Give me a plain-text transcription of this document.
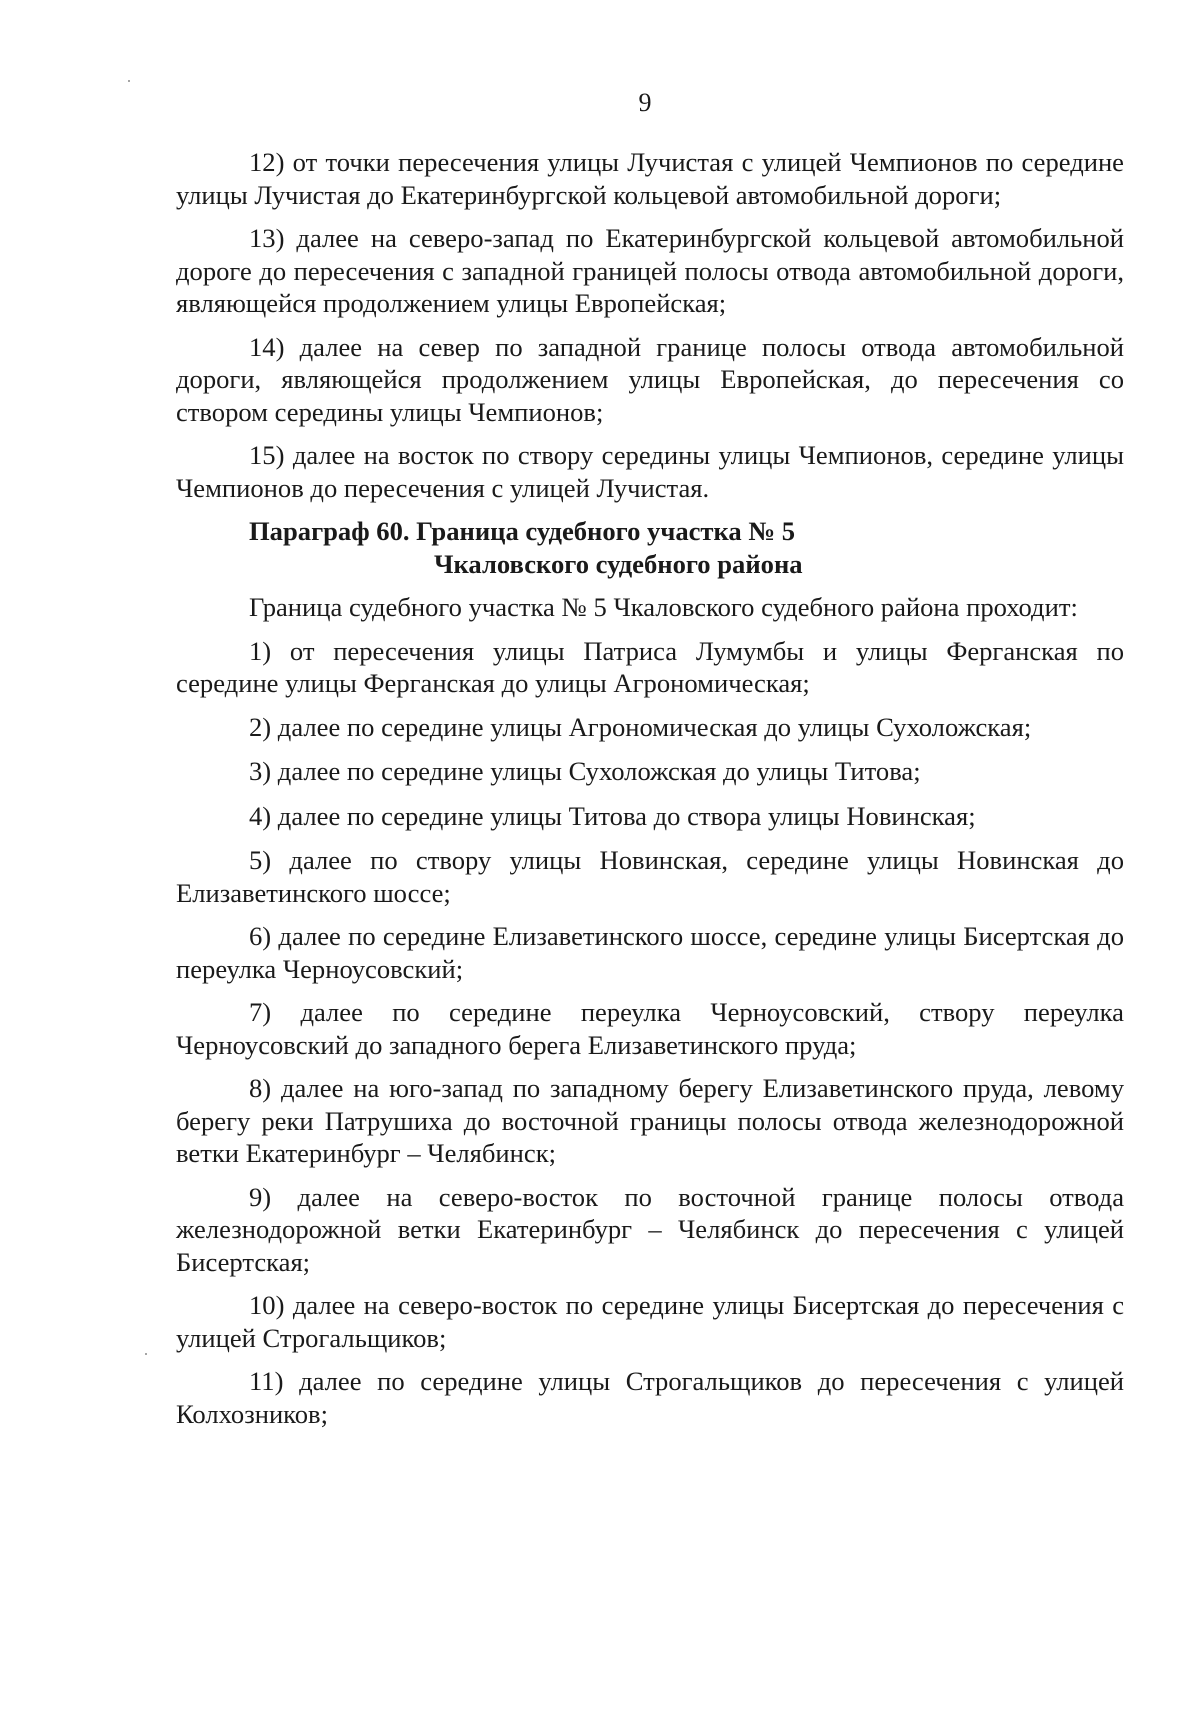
9

12) от точки пересечения улицы Лучистая с улицей Чемпионов по середине улицы Лучистая до Екатеринбургской кольцевой автомобильной дороги;

13) далее на северо-запад по Екатеринбургской кольцевой автомобильной дороге до пересечения с западной границей полосы отвода автомобильной дороги, являющейся продолжением улицы Европейская;

14) далее на север по западной границе полосы отвода автомобильной дороги, являющейся продолжением улицы Европейская, до пересечения со створом середины улицы Чемпионов;

15) далее на восток по створу середины улицы Чемпионов, середине улицы Чемпионов до пересечения с улицей Лучистая.

Параграф 60. Граница судебного участка № 5
Чкаловского судебного района

Граница судебного участка № 5 Чкаловского судебного района проходит:

1) от пересечения улицы Патриса Лумумбы и улицы Ферганская по середине улицы Ферганская до улицы Агрономическая;

2) далее по середине улицы Агрономическая до улицы Сухоложская;

3) далее по середине улицы Сухоложская до улицы Титова;

4) далее по середине улицы Титова до створа улицы Новинская;

5) далее по створу улицы Новинская, середине улицы Новинская до Елизаветинского шоссе;

6) далее по середине Елизаветинского шоссе, середине улицы Бисертская до переулка Черноусовский;

7) далее по середине переулка Черноусовский, створу переулка Черноусовский до западного берега Елизаветинского пруда;

8) далее на юго-запад по западному берегу Елизаветинского пруда, левому берегу реки Патрушиха до восточной границы полосы отвода железнодорожной ветки Екатеринбург – Челябинск;

9) далее на северо-восток по восточной границе полосы отвода железнодорожной ветки Екатеринбург – Челябинск до пересечения с улицей Бисертская;

10) далее на северо-восток по середине улицы Бисертская до пересечения с улицей Строгальщиков;

11) далее по середине улицы Строгальщиков до пересечения с улицей Колхозников;
